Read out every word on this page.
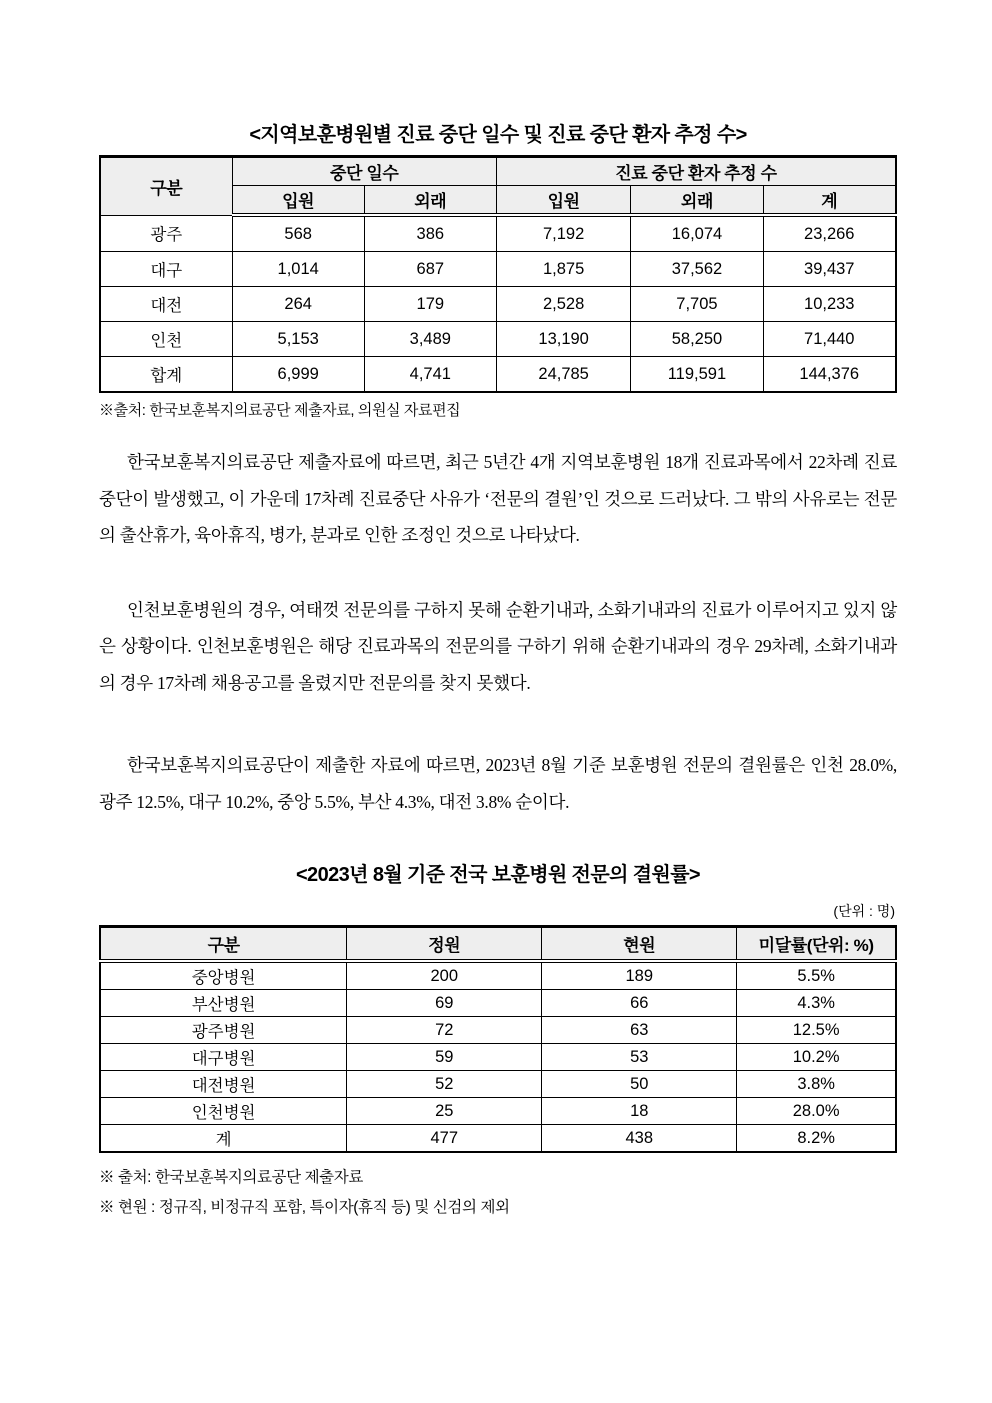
<지역보훈병원별 진료 중단 일수 및 진료 중단 환자 추정 수>
구분	중단 일수		진료 중단 환자 추정 수		
	입원	외래	입원	외래	계
광주	568	386	7,192	16,074	23,266
대구	1,014	687	1,875	37,562	39,437
대전	264	179	2,528	7,705	10,233
인천	5,153	3,489	13,190	58,250	71,440
합계	6,999	4,741	24,785	119,591	144,376
※출처: 한국보훈복지의료공단 제출자료, 의원실 자료편집

한국보훈복지의료공단 제출자료에 따르면, 최근 5년간 4개 지역보훈병원 18개 진료과목에서 22차례 진료 중단이 발생했고, 이 가운데 17차례 진료중단 사유가 ‘전문의 결원’인 것으로 드러났다. 그 밖의 사유로는 전문의 출산휴가, 육아휴직, 병가, 분과로 인한 조정인 것으로 나타났다.

인천보훈병원의 경우, 여태껏 전문의를 구하지 못해 순환기내과, 소화기내과의 진료가 이루어지고 있지 않은 상황이다. 인천보훈병원은 해당 진료과목의 전문의를 구하기 위해 순환기내과의 경우 29차례, 소화기내과의 경우 17차례 채용공고를 올렸지만 전문의를 찾지 못했다.

한국보훈복지의료공단이 제출한 자료에 따르면, 2023년 8월 기준 보훈병원 전문의 결원률은 인천 28.0%, 광주 12.5%, 대구 10.2%, 중앙 5.5%, 부산 4.3%, 대전 3.8% 순이다.

<2023년 8월 기준 전국 보훈병원 전문의 결원률>
(단위 : 명)
구분	정원	현원	미달률(단위: %)
중앙병원	200	189	5.5%
부산병원	69	66	4.3%
광주병원	72	63	12.5%
대구병원	59	53	10.2%
대전병원	52	50	3.8%
인천병원	25	18	28.0%
계	477	438	8.2%
※ 출처: 한국보훈복지의료공단 제출자료
※ 현원 : 정규직, 비정규직 포함, 특이자(휴직 등) 및 신검의 제외
